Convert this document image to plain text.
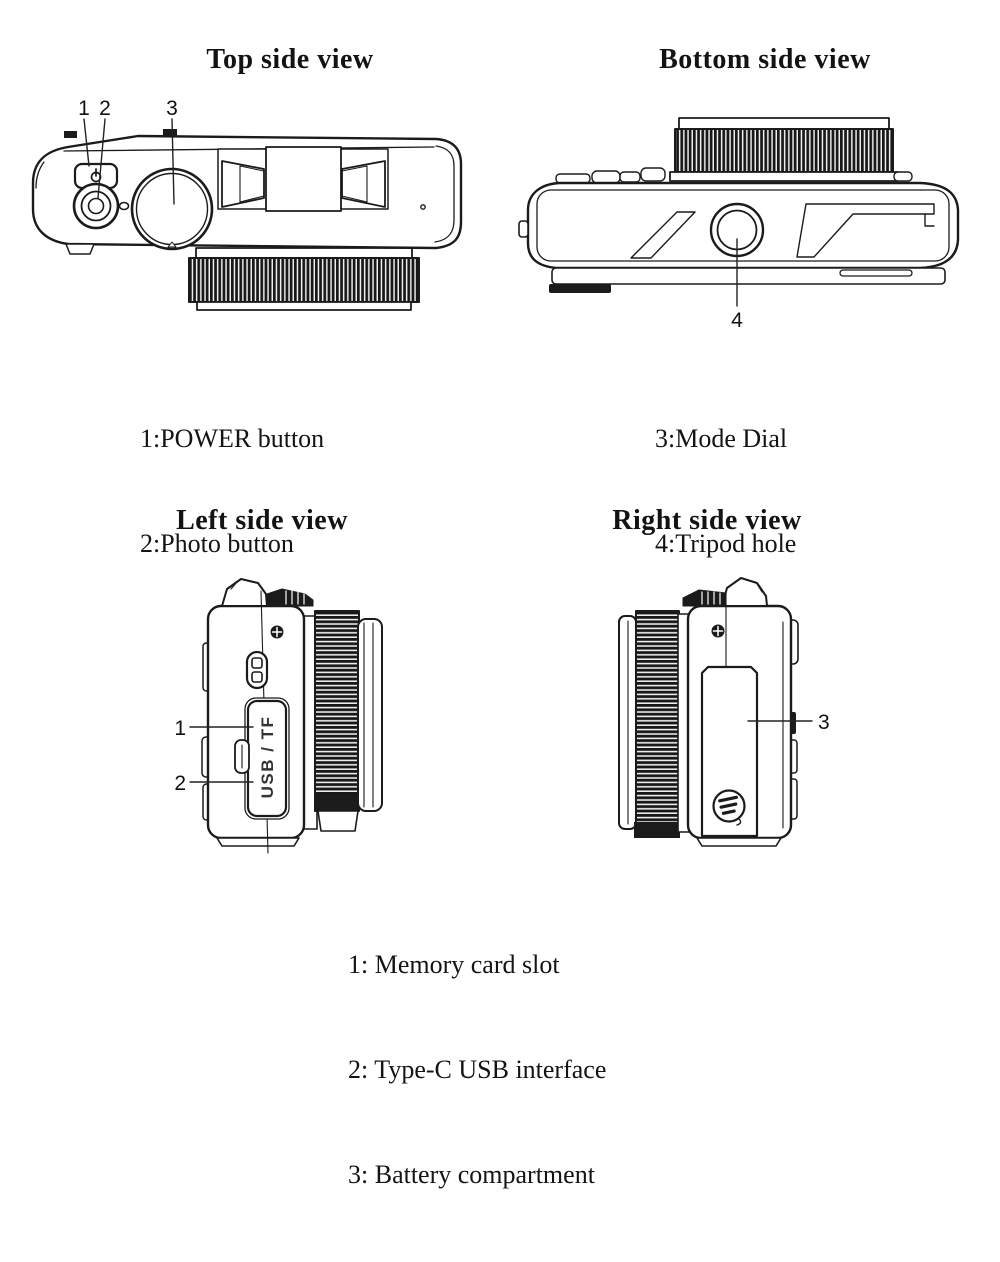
1 2	3
4
USB / TF
1
2
3
Top side view	Bottom side view
Left side view	Right side view

1:POWER button

2:Photo button

3:Mode Dial

4:Tripod hole

1: Memory card slot

2: Type-C USB interface

3: Battery compartment
